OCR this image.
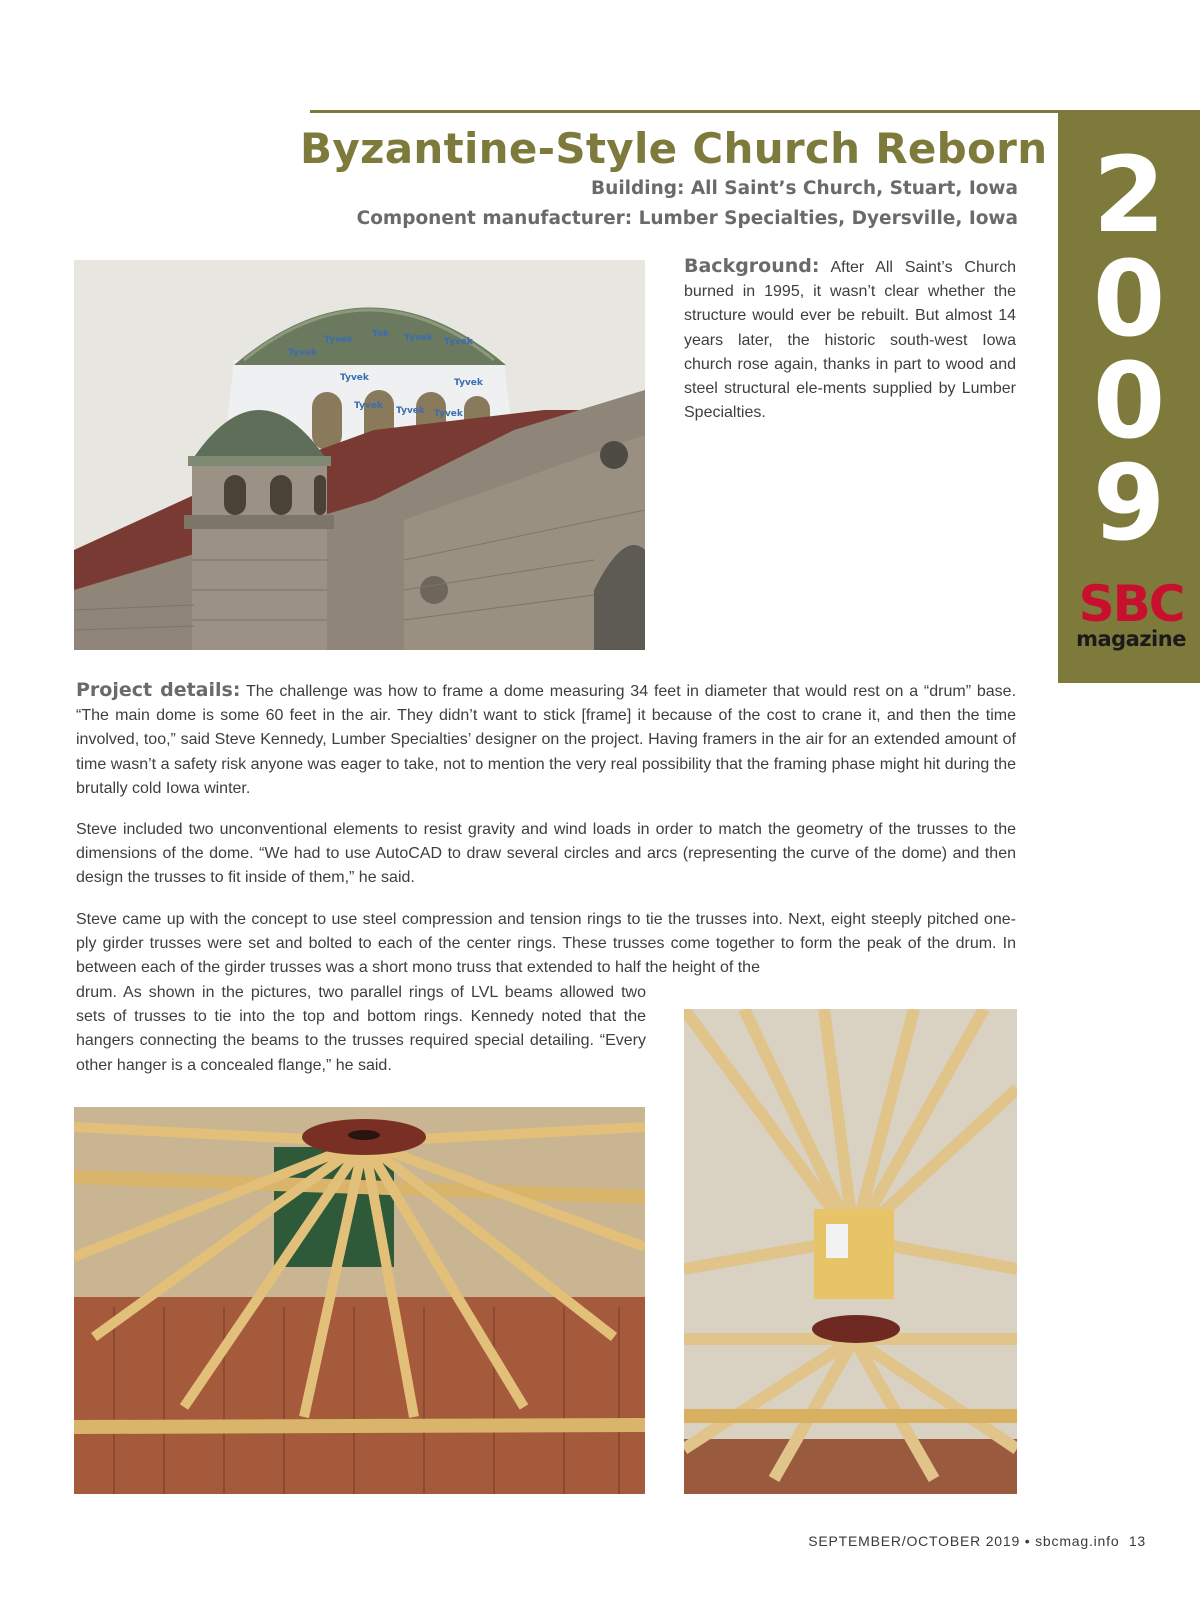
Byzantine-Style Church Reborn
Building: All Saint’s Church, Stuart, Iowa
Component manufacturer: Lumber Specialties, Dyersville, Iowa 2
0
0
9
SBC
magazine
Tyvek
Tek Tyvek Tyvek
Tyvek
Tyvek	Tyvek
Tyvek Tyvek Tyvek
Background: After All Saint’s Church burned in 1995, it wasn’t clear whether the structure would ever be rebuilt. But almost 14 years later, the historic south-west Iowa church rose again, thanks in part to wood and steel structural ele-ments supplied by Lumber Specialties.
Project details: The challenge was how to frame a dome measuring 34 feet in diameter that would rest on a “drum” base. “The main dome is some 60 feet in the air. They didn’t want to stick [frame] it because of the cost to crane it, and then the time involved, too,” said Steve Kennedy, Lumber Specialties’ designer on the project. Having framers in the air for an extended amount of time wasn’t a safety risk anyone was eager to take, not to mention the very real possibility that the framing phase might hit during the brutally cold Iowa winter.
Steve included two unconventional elements to resist gravity and wind loads in order to match the geometry of the trusses to the dimensions of the dome. “We had to use AutoCAD to draw several circles and arcs (representing the curve of the dome) and then design the trusses to fit inside of them,” he said.
Steve came up with the concept to use steel compression and tension rings to tie the trusses into. Next, eight steeply pitched one-ply girder trusses were set and bolted to each of the center rings. These trusses come together to form the peak of the drum. In between each of the girder trusses was a short mono truss that extended to half the height of the
drum. As shown in the pictures, two parallel rings of LVL beams allowed two sets of trusses to tie into the top and bottom rings. Kennedy noted that the hangers connecting the beams to the trusses required special detailing. “Every other hanger is a concealed flange,” he said.
SEPTEMBER/OCTOBER 2019 • sbcmag.info 13
